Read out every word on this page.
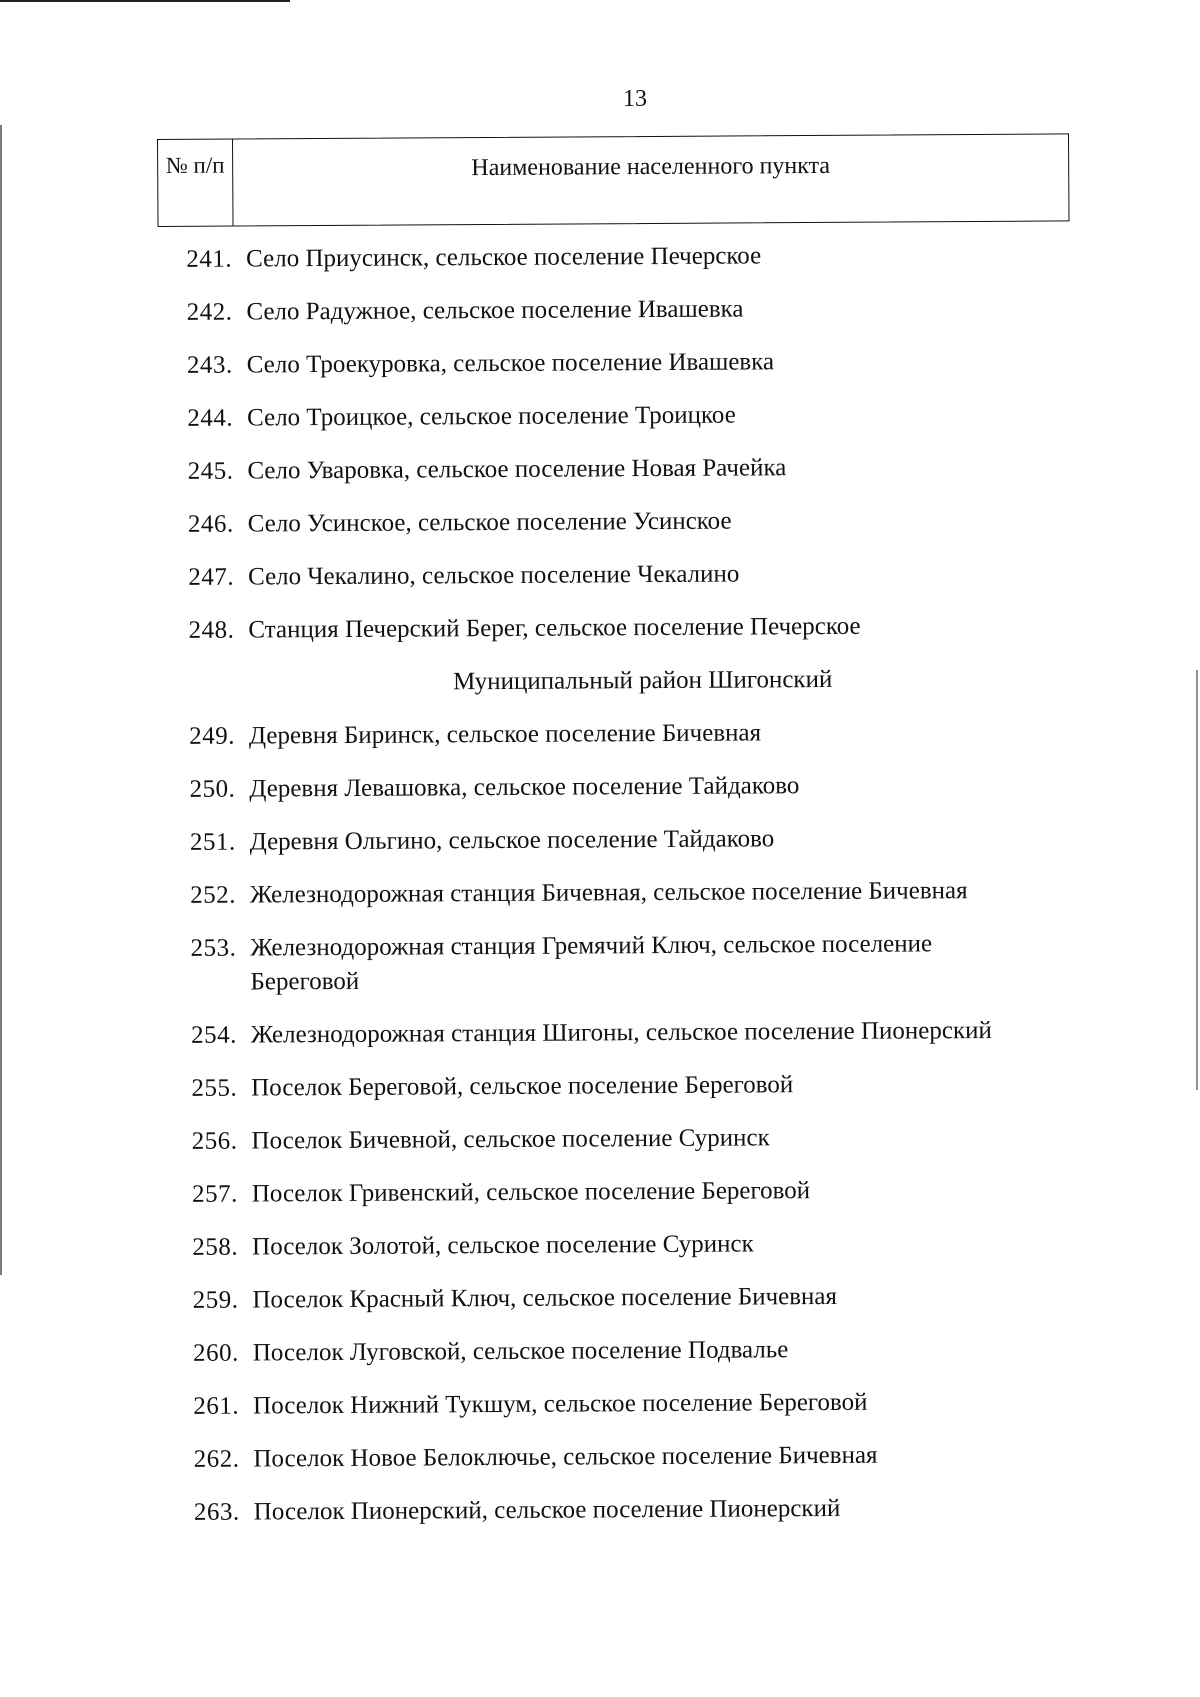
13
№ п/п	Наименование населенного пункта
241. Село Приусинск, сельское поселение Печерское
242. Село Радужное, сельское поселение Ивашевка
243. Село Троекуровка, сельское поселение Ивашевка
244. Село Троицкое, сельское поселение Троицкое
245. Село Уваровка, сельское поселение Новая Рачейка
246. Село Усинское, сельское поселение Усинское
247. Село Чекалино, сельское поселение Чекалино
248. Станция Печерский Берег, сельское поселение Печерское
Муниципальный район Шигонский
249. Деревня Биринск, сельское поселение Бичевная
250. Деревня Левашовка, сельское поселение Тайдаково
251. Деревня Ольгино, сельское поселение Тайдаково
252. Железнодорожная станция Бичевная, сельское поселение Бичевная
253. Железнодорожная станция Гремячий Ключ, сельское поселение Береговой
254. Железнодорожная станция Шигоны, сельское поселение Пионерский
255. Поселок Береговой, сельское поселение Береговой
256. Поселок Бичевной, сельское поселение Суринск
257. Поселок Гривенский, сельское поселение Береговой
258. Поселок Золотой, сельское поселение Суринск
259. Поселок Красный Ключ, сельское поселение Бичевная
260. Поселок Луговской, сельское поселение Подвалье
261. Поселок Нижний Тукшум, сельское поселение Береговой
262. Поселок Новое Белоключье, сельское поселение Бичевная
263. Поселок Пионерский, сельское поселение Пионерский
